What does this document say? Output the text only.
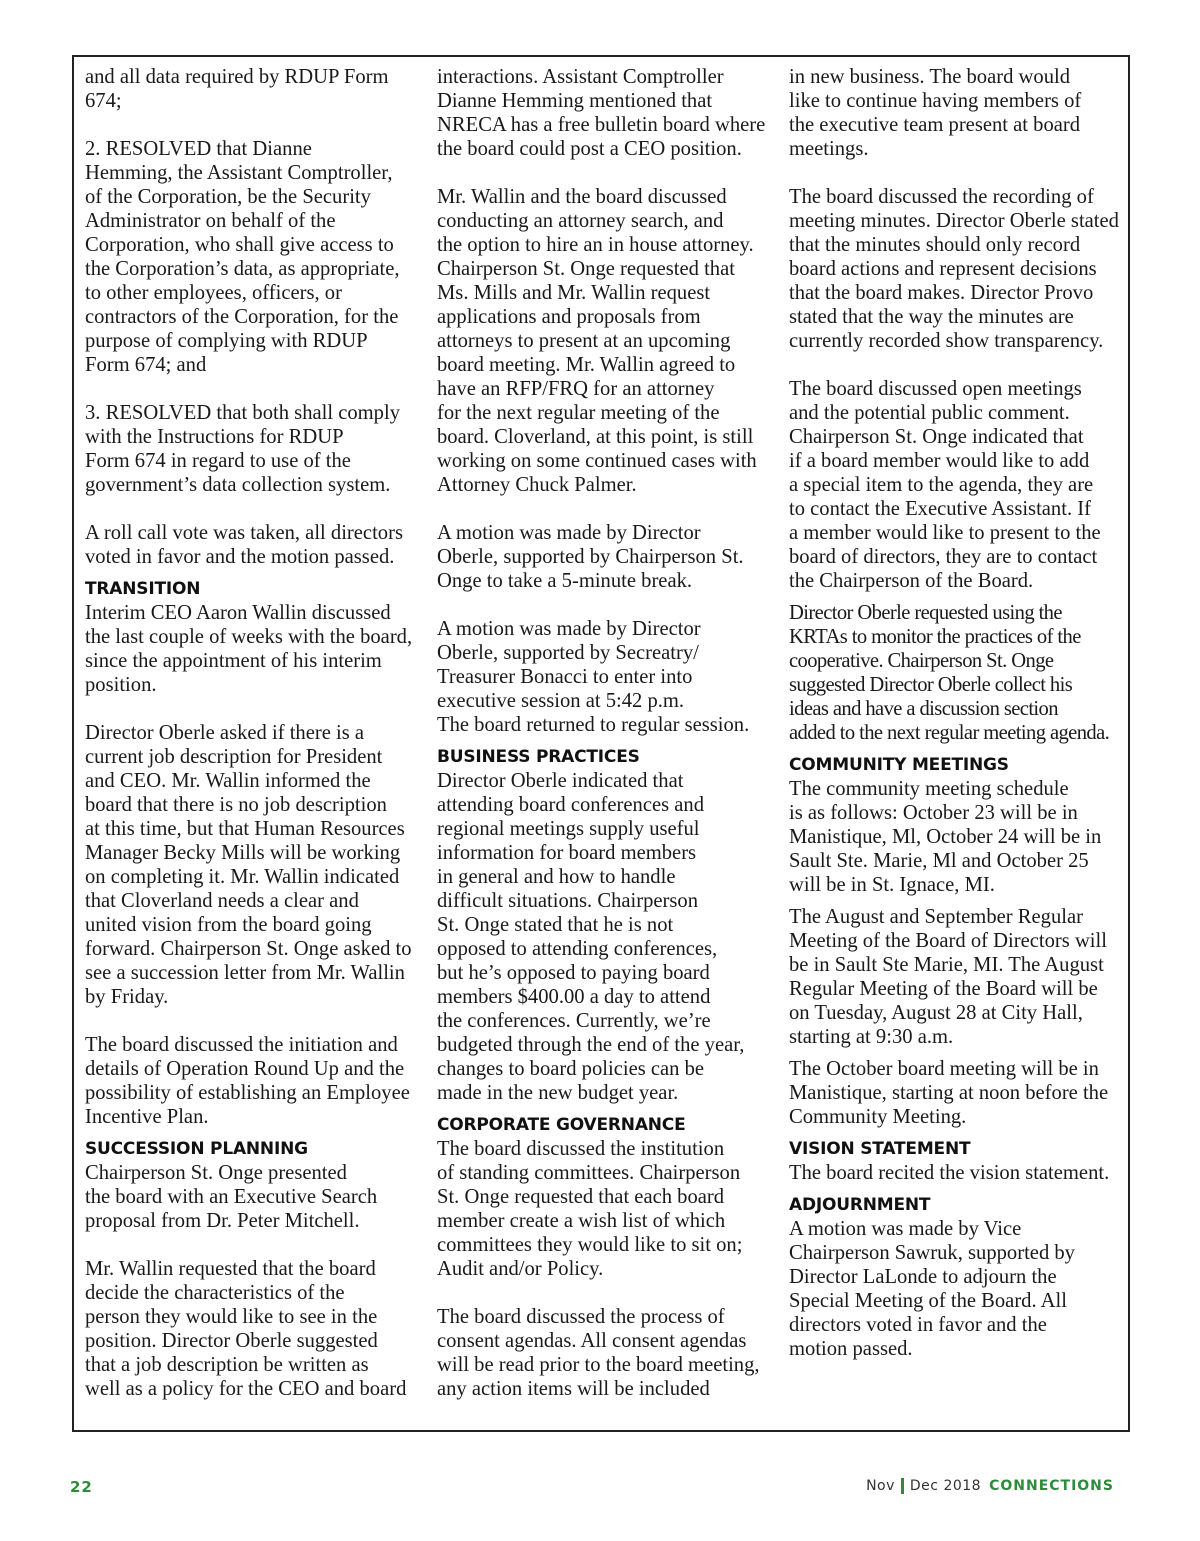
and all data required by RDUP Form
674;

2. RESOLVED that Dianne
Hemming, the Assistant Comptroller,
of the Corporation, be the Security
Administrator on behalf of the
Corporation, who shall give access to
the Corporation’s data, as appropriate,
to other employees, officers, or
contractors of the Corporation, for the
purpose of complying with RDUP
Form 674; and

3. RESOLVED that both shall comply
with the Instructions for RDUP
Form 674 in regard to use of the
government’s data collection system.

A roll call vote was taken, all directors
voted in favor and the motion passed.

TRANSITION

Interim CEO Aaron Wallin discussed
the last couple of weeks with the board,
since the appointment of his interim
position.

Director Oberle asked if there is a
current job description for President
and CEO. Mr. Wallin informed the
board that there is no job description
at this time, but that Human Resources
Manager Becky Mills will be working
on completing it. Mr. Wallin indicated
that Cloverland needs a clear and
united vision from the board going
forward. Chairperson St. Onge asked to
see a succession letter from Mr. Wallin
by Friday.

The board discussed the initiation and
details of Operation Round Up and the
possibility of establishing an Employee
Incentive Plan.

SUCCESSION PLANNING

Chairperson St. Onge presented
the board with an Executive Search
proposal from Dr. Peter Mitchell.

Mr. Wallin requested that the board
decide the characteristics of the
person they would like to see in the
position. Director Oberle suggested
that a job description be written as
well as a policy for the CEO and board

interactions. Assistant Comptroller
Dianne Hemming mentioned that
NRECA has a free bulletin board where
the board could post a CEO position.

Mr. Wallin and the board discussed
conducting an attorney search, and
the option to hire an in house attorney.
Chairperson St. Onge requested that
Ms. Mills and Mr. Wallin request
applications and proposals from
attorneys to present at an upcoming
board meeting. Mr. Wallin agreed to
have an RFP/FRQ for an attorney
for the next regular meeting of the
board. Cloverland, at this point, is still
working on some continued cases with
Attorney Chuck Palmer.

A motion was made by Director
Oberle, supported by Chairperson St.
Onge to take a 5-minute break.

A motion was made by Director
Oberle, supported by Secreatry/
Treasurer Bonacci to enter into
executive session at 5:42 p.m.
The board returned to regular session.

BUSINESS PRACTICES

Director Oberle indicated that
attending board conferences and
regional meetings supply useful
information for board members
in general and how to handle
difficult situations. Chairperson
St. Onge stated that he is not
opposed to attending conferences,
but he’s opposed to paying board
members $400.00 a day to attend
the conferences. Currently, we’re
budgeted through the end of the year,
changes to board policies can be
made in the new budget year.

CORPORATE GOVERNANCE

The board discussed the institution
of standing committees. Chairperson
St. Onge requested that each board
member create a wish list of which
committees they would like to sit on;
Audit and/or Policy.

The board discussed the process of
consent agendas. All consent agendas
will be read prior to the board meeting,
any action items will be included

in new business. The board would
like to continue having members of
the executive team present at board
meetings.

The board discussed the recording of
meeting minutes. Director Oberle stated
that the minutes should only record
board actions and represent decisions
that the board makes. Director Provo
stated that the way the minutes are
currently recorded show transparency.

The board discussed open meetings
and the potential public comment.
Chairperson St. Onge indicated that
if a board member would like to add
a special item to the agenda, they are
to contact the Executive Assistant. If
a member would like to present to the
board of directors, they are to contact
the Chairperson of the Board.

Director Oberle requested using the
KRTAs to monitor the practices of the
cooperative. Chairperson St. Onge
suggested Director Oberle collect his
ideas and have a discussion section
added to the next regular meeting agenda.

COMMUNITY MEETINGS

The community meeting schedule
is as follows: October 23 will be in
Manistique, Ml, October 24 will be in
Sault Ste. Marie, Ml and October 25
will be in St. Ignace, MI.

The August and September Regular
Meeting of the Board of Directors will
be in Sault Ste Marie, MI. The August
Regular Meeting of the Board will be
on Tuesday, August 28 at City Hall,
starting at 9:30 a.m.

The October board meeting will be in
Manistique, starting at noon before the
Community Meeting.

VISION STATEMENT

The board recited the vision statement.

ADJOURNMENT

A motion was made by Vice
Chairperson Sawruk, supported by
Director LaLonde to adjourn the
Special Meeting of the Board. All
directors voted in favor and the
motion passed.

22	Nov Dec 2018 CONNECTIONS
